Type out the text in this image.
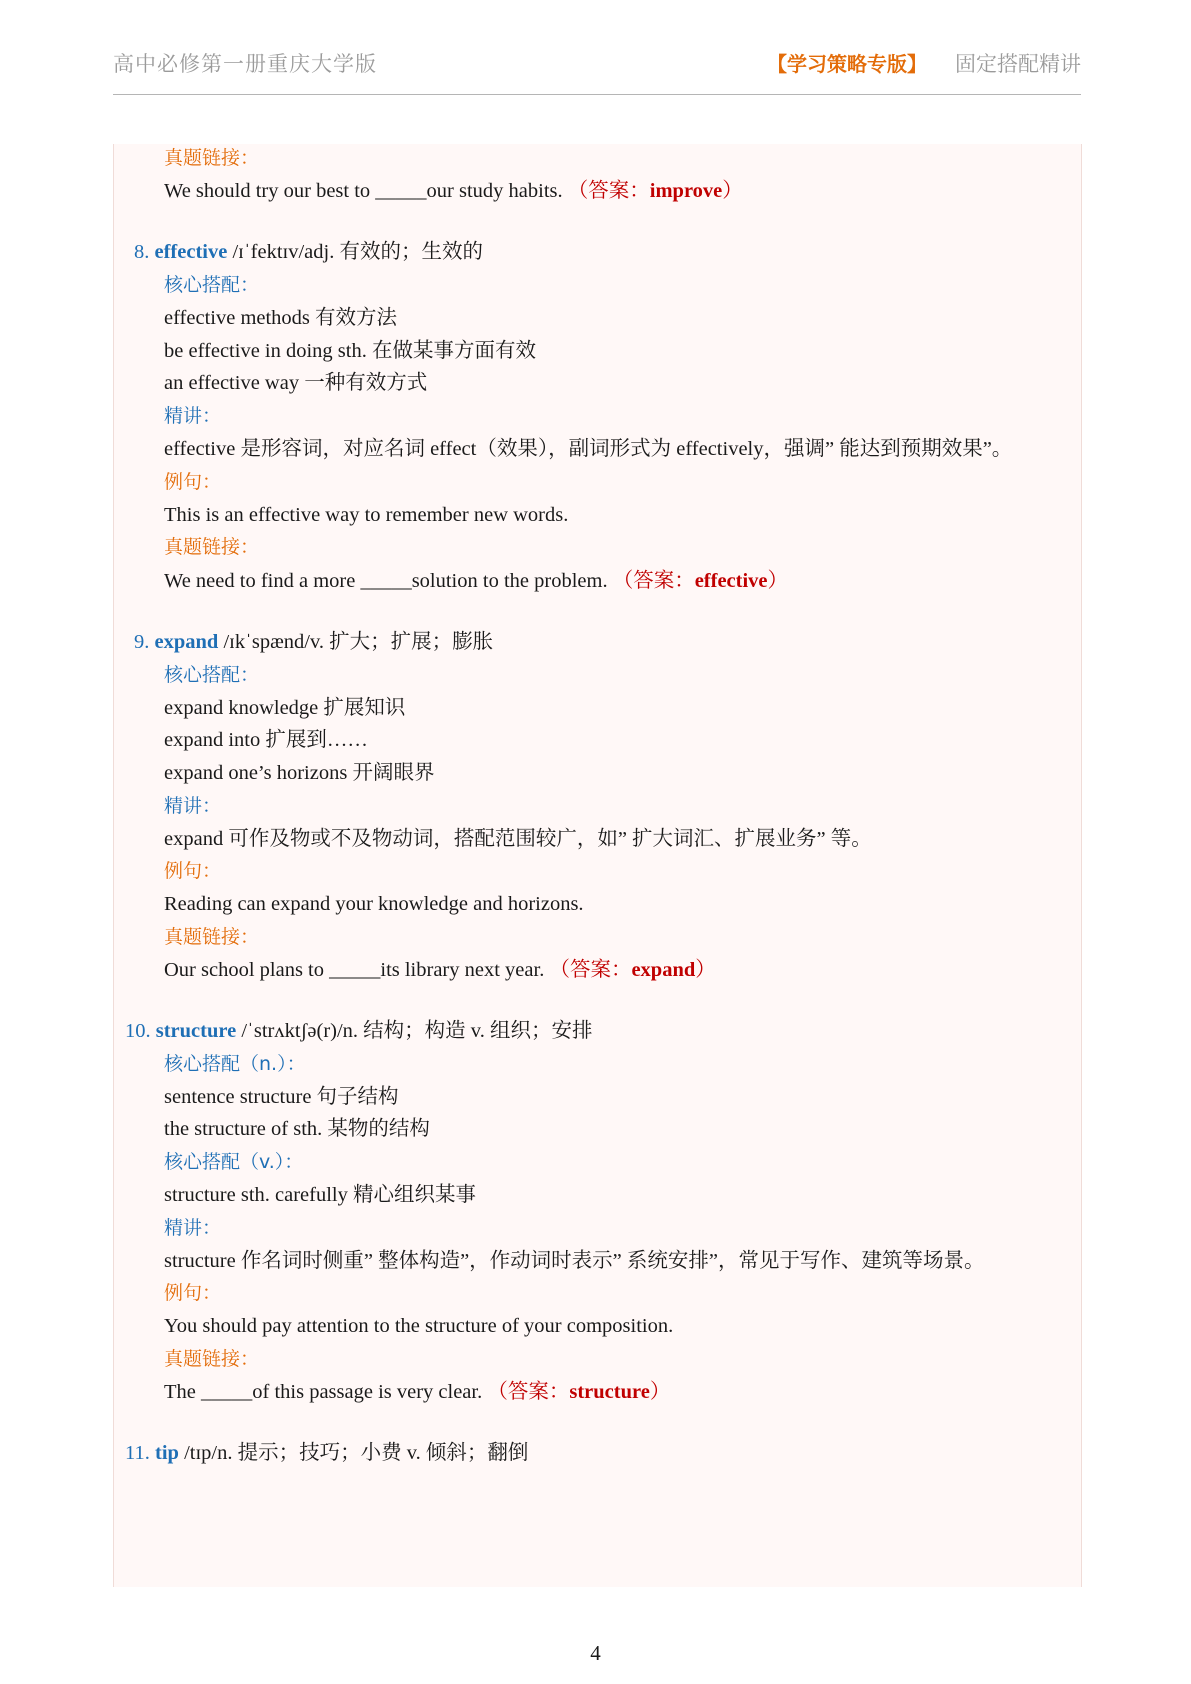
高中必修第一册重庆大学版	【学习策略专版】 固定搭配精讲
真题链接：
We should try our best to _____our study habits. （答案：improve）
8. effective /ɪˈfektɪv/adj. 有效的；生效的
核心搭配：
effective methods 有效方法
be effective in doing sth. 在做某事方面有效
an effective way 一种有效方式
精讲：
effective 是形容词，对应名词 effect（效果），副词形式为 effectively，强调” 能达到预期效果”。
例句：
This is an effective way to remember new words.
真题链接：
We need to find a more _____solution to the problem. （答案：effective）
9. expand /ɪkˈspænd/v. 扩大；扩展；膨胀
核心搭配：
expand knowledge 扩展知识
expand into 扩展到……
expand one’s horizons 开阔眼界
精讲：
expand 可作及物或不及物动词，搭配范围较广，如” 扩大词汇、扩展业务” 等。
例句：
Reading can expand your knowledge and horizons.
真题链接：
Our school plans to _____its library next year. （答案：expand）
10. structure /ˈstrʌktʃə(r)/n. 结构；构造 v. 组织；安排
核心搭配（n.）：
sentence structure 句子结构
the structure of sth. 某物的结构
核心搭配（v.）：
structure sth. carefully 精心组织某事
精讲：
structure 作名词时侧重” 整体构造”，作动词时表示” 系统安排”，常见于写作、建筑等场景。
例句：
You should pay attention to the structure of your composition.
真题链接：
The _____of this passage is very clear. （答案：structure）
11. tip /tɪp/n. 提示；技巧；小费 v. 倾斜；翻倒
4
